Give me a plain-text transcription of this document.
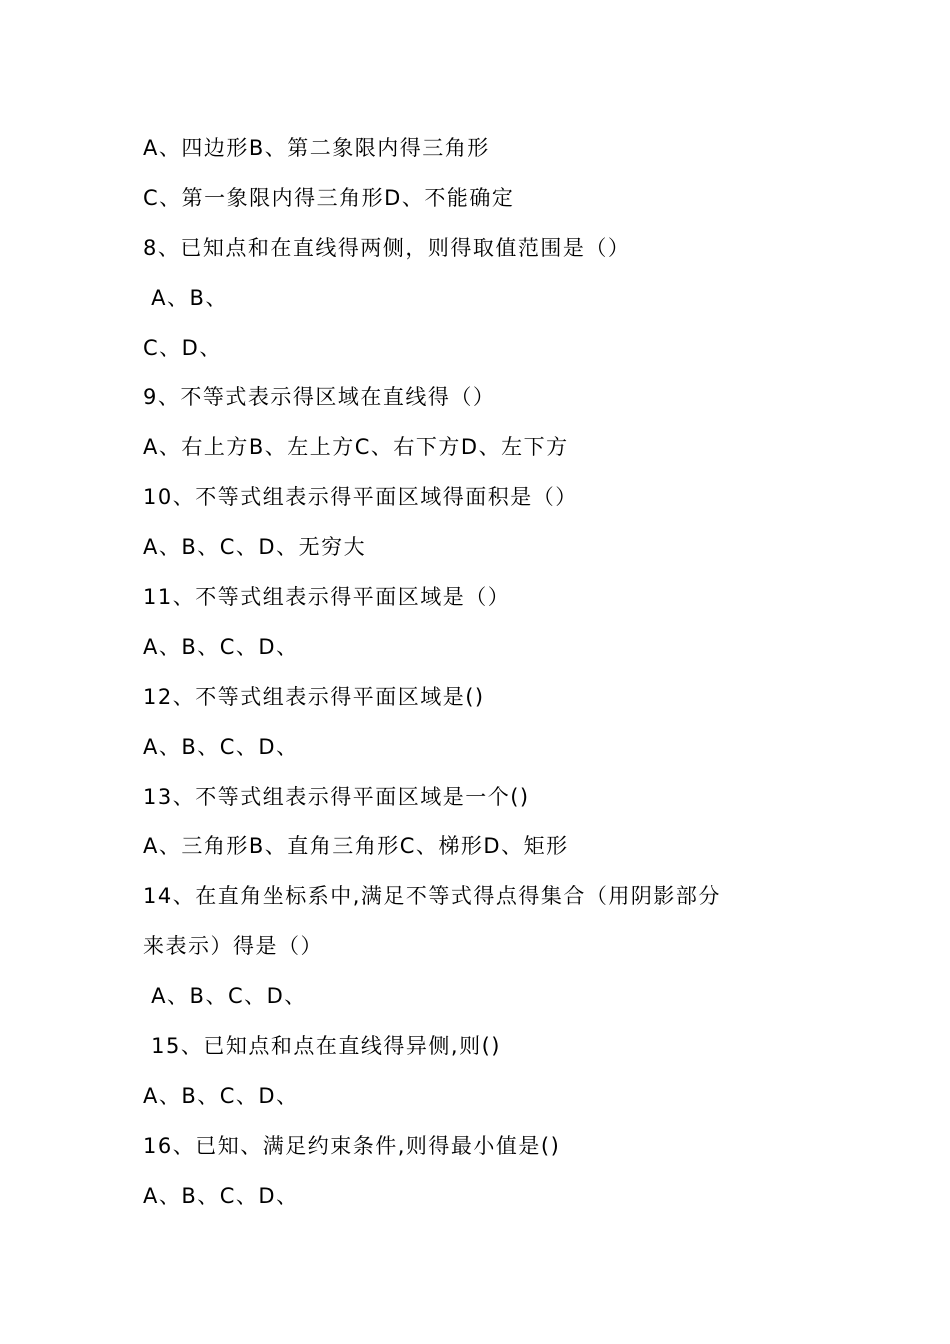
A、四边形B、第二象限内得三角形
C、第一象限内得三角形D、不能确定
8、已知点和在直线得两侧，则得取值范围是（）
A、B、
C、D、
9、不等式表示得区域在直线得（）
A、右上方B、左上方C、右下方D、左下方
10、不等式组表示得平面区域得面积是（）
A、B、C、D、无穷大
11、不等式组表示得平面区域是（）
A、B、C、D、
12、不等式组表示得平面区域是()
A、B、C、D、
13、不等式组表示得平面区域是一个()
A、三角形B、直角三角形C、梯形D、矩形
14、在直角坐标系中,满足不等式得点得集合（用阴影部分
来表示）得是（）
A、B、C、D、
15、已知点和点在直线得异侧,则()
A、B、C、D、
16、已知、满足约束条件,则得最小值是()
A、B、C、D、
